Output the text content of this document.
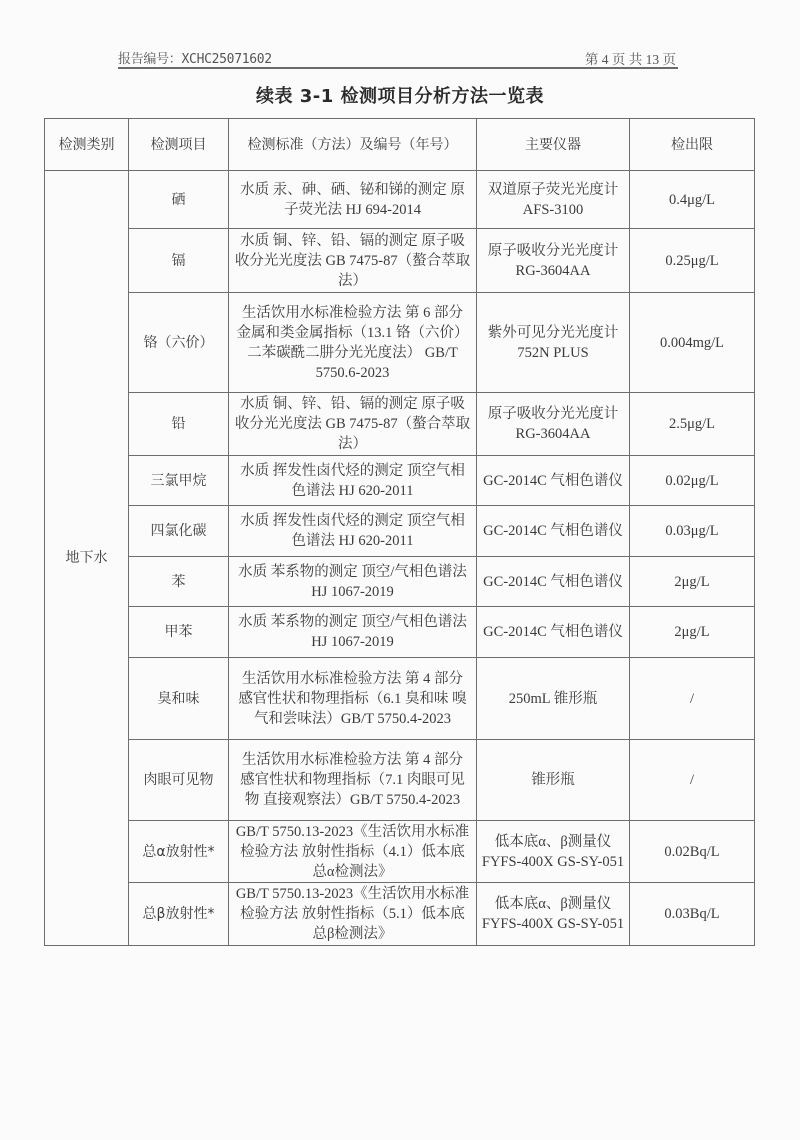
报告编号：XCHC25071602	第 4 页 共 13 页
续表 3-1 检测项目分析方法一览表
检测类别	检测项目	检测标准（方法）及编号（年号）	主要仪器	检出限
地下水	硒	水质 汞、砷、硒、铋和锑的测定 原子荧光法 HJ 694-2014	双道原子荧光光度计 AFS-3100	0.4μg/L
	镉	水质 铜、锌、铅、镉的测定 原子吸收分光光度法 GB 7475-87（螯合萃取法）	原子吸收分光光度计 RG-3604AA	0.25μg/L
	铬（六价）	生活饮用水标准检验方法 第 6 部分 金属和类金属指标（13.1 铬（六价） 二苯碳酰二肼分光光度法） GB/T 5750.6-2023	紫外可见分光光度计 752N PLUS	0.004mg/L
	铅	水质 铜、锌、铅、镉的测定 原子吸收分光光度法 GB 7475-87（螯合萃取法）	原子吸收分光光度计 RG-3604AA	2.5μg/L
	三氯甲烷	水质 挥发性卤代烃的测定 顶空气相色谱法 HJ 620-2011	GC-2014C 气相色谱仪	0.02μg/L
	四氯化碳	水质 挥发性卤代烃的测定 顶空气相色谱法 HJ 620-2011	GC-2014C 气相色谱仪	0.03μg/L
	苯	水质 苯系物的测定 顶空/气相色谱法 HJ 1067-2019	GC-2014C 气相色谱仪	2μg/L
	甲苯	水质 苯系物的测定 顶空/气相色谱法 HJ 1067-2019	GC-2014C 气相色谱仪	2μg/L
	臭和味	生活饮用水标准检验方法 第 4 部分 感官性状和物理指标（6.1 臭和味 嗅气和尝味法）GB/T 5750.4-2023	250mL 锥形瓶	/
	肉眼可见物	生活饮用水标准检验方法 第 4 部分 感官性状和物理指标（7.1 肉眼可见物 直接观察法）GB/T 5750.4-2023	锥形瓶	/
	总α放射性*	GB/T 5750.13-2023《生活饮用水标准检验方法 放射性指标（4.1）低本底总α检测法》	低本底α、β测量仪 FYFS-400X GS-SY-051	0.02Bq/L
	总β放射性*	GB/T 5750.13-2023《生活饮用水标准检验方法 放射性指标（5.1）低本底总β检测法》	低本底α、β测量仪 FYFS-400X GS-SY-051	0.03Bq/L
